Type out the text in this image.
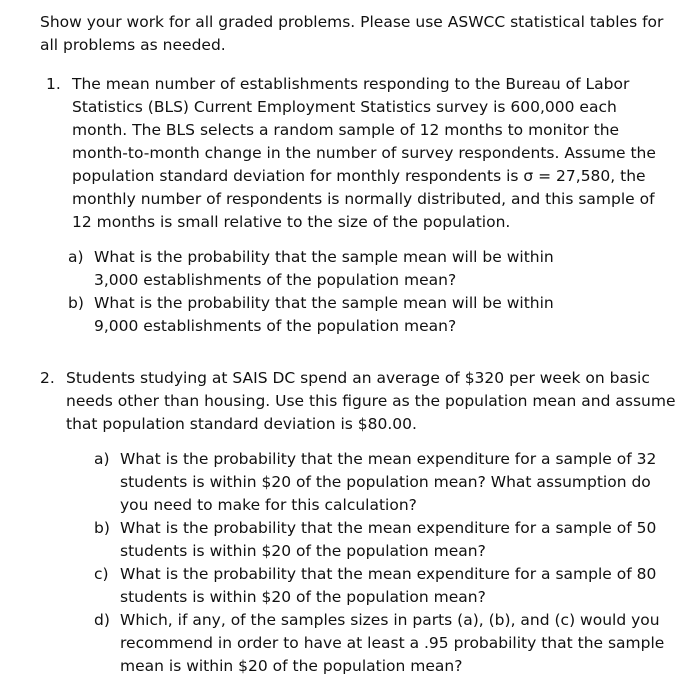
Show your work for all graded problems. Please use ASWCC statistical tables for all problems as needed.

1. The mean number of establishments responding to the Bureau of Labor Statistics (BLS) Current Employment Statistics survey is 600,000 each month. The BLS selects a random sample of 12 months to monitor the month-to-month change in the number of survey respondents. Assume the population standard deviation for monthly respondents is σ = 27,580, the monthly number of respondents is normally distributed, and this sample of 12 months is small relative to the size of the population.

a) What is the probability that the sample mean will be within 3,000 establishments of the population mean?

b) What is the probability that the sample mean will be within 9,000 establishments of the population mean?

2. Students studying at SAIS DC spend an average of $320 per week on basic needs other than housing. Use this figure as the population mean and assume that population standard deviation is $80.00.

a) What is the probability that the mean expenditure for a sample of 32 students is within $20 of the population mean? What assumption do you need to make for this calculation?

b) What is the probability that the mean expenditure for a sample of 50 students is within $20 of the population mean?

c) What is the probability that the mean expenditure for a sample of 80 students is within $20 of the population mean?

d) Which, if any, of the samples sizes in parts (a), (b), and (c) would you recommend in order to have at least a .95 probability that the sample mean is within $20 of the population mean?
